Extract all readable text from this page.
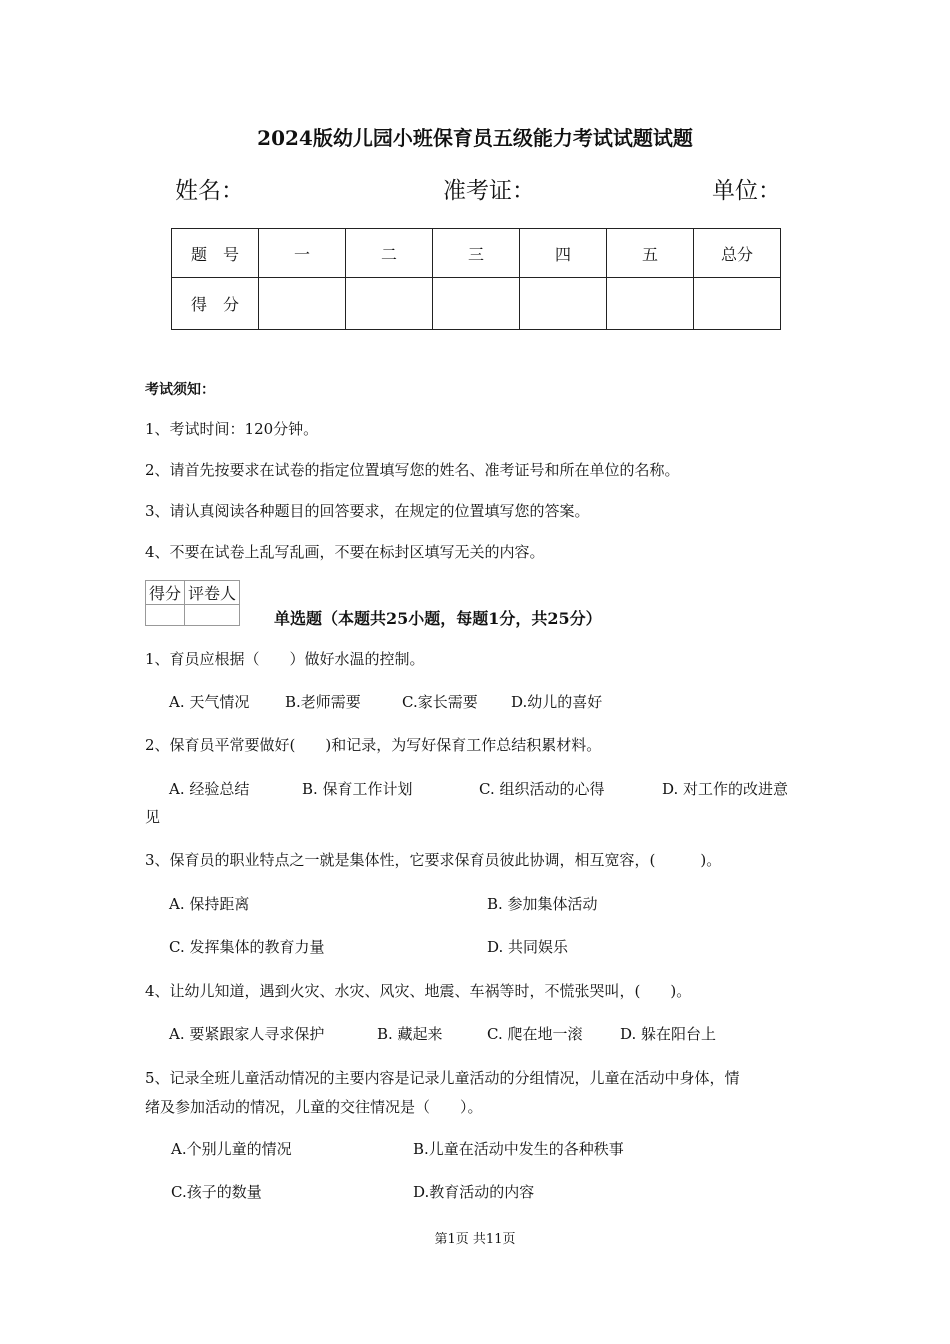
2024版幼儿园小班保育员五级能力考试试题试题
姓名：	准考证：	单位：
题　号	一	二	三	四	五	总分
得　分						
考试须知：
1、考试时间：120分钟。
2、请首先按要求在试卷的指定位置填写您的姓名、准考证号和所在单位的名称。
3、请认真阅读各种题目的回答要求，在规定的位置填写您的答案。
4、不要在试卷上乱写乱画，不要在标封区填写无关的内容。
得分	评卷人

单选题（本题共25小题，每题1分，共25分）
1、育员应根据（　　）做好水温的控制。
A. 天气情况 B.老师需要	C.家长需要 D.幼儿的喜好
2、保育员平常要做好(　　)和记录，为写好保育工作总结积累材料。
A. 经验总结	B. 保育工作计划	C. 组织活动的心得	D. 对工作的改进意
见
3、保育员的职业特点之一就是集体性，它要求保育员彼此协调，相互宽容，(　　　)。
A. 保持距离	B. 参加集体活动
C. 发挥集体的教育力量	D. 共同娱乐
4、让幼儿知道，遇到火灾、水灾、风灾、地震、车祸等时，不慌张哭叫，(　　)。
A. 要紧跟家人寻求保护	B. 藏起来	C. 爬在地一滚	D. 躲在阳台上
5、记录全班儿童活动情况的主要内容是记录儿童活动的分组情况，儿童在活动中身体，情
绪及参加活动的情况，儿童的交往情况是（　　）。
A.个别儿童的情况	B.儿童在活动中发生的各种秩事
C.孩子的数量	D.教育活动的内容
第1页 共11页
